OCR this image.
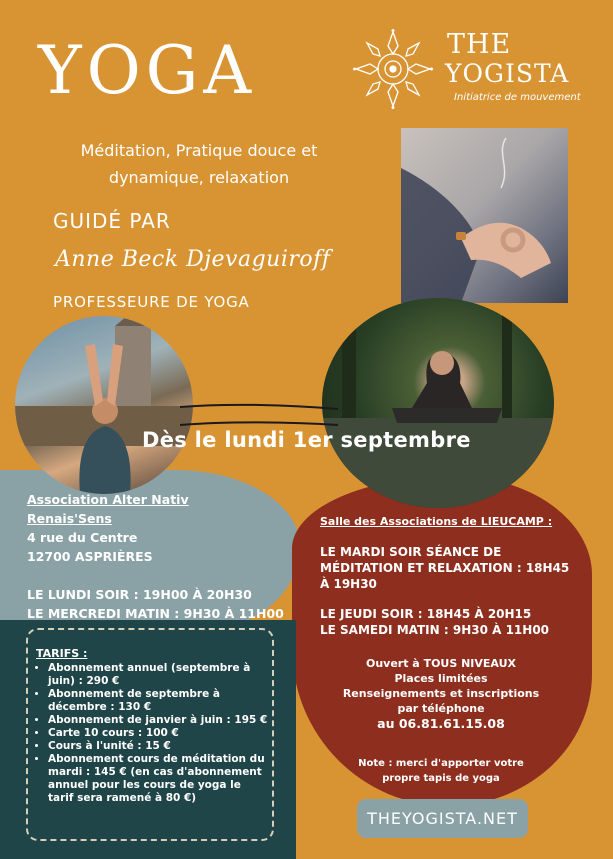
YOGA	THE
YOGISTA
Initiatrice de mouvement
Méditation, Pratique douce et
dynamique, relaxation
GUIDÉ PAR
Anne Beck Djevaguiroff
PROFESSEURE DE YOGA
Dès le lundi 1er septembre
Association Alter Nativ
Renais'Sens
4 rue du Centre
12700 ASPRIÈRES
LE LUNDI SOIR : 19H00 À 20H30
LE MERCREDI MATIN : 9H30 À 11H00
TARIFS :
• Abonnement annuel (septembre à juin) : 290 €
• Abonnement de septembre à décembre : 130 €
• Abonnement de janvier à juin : 195 €
• Carte 10 cours : 100 €
• Cours à l'unité : 15 €
• Abonnement cours de méditation du mardi : 145 € (en cas d'abonnement annuel pour les cours de yoga le tarif sera ramené à 80 €)
Salle des Associations de LIEUCAMP :
LE MARDI SOIR SÉANCE DE MÉDITATION ET RELAXATION : 18H45 À 19H30
LE JEUDI SOIR : 18H45 À 20H15
LE SAMEDI MATIN : 9H30 À 11H00
Ouvert à TOUS NIVEAUX
Places limitées
Renseignements et inscriptions
par téléphone
au 06.81.61.15.08
Note : merci d'apporter votre
propre tapis de yoga
THEYOGISTA.NET
